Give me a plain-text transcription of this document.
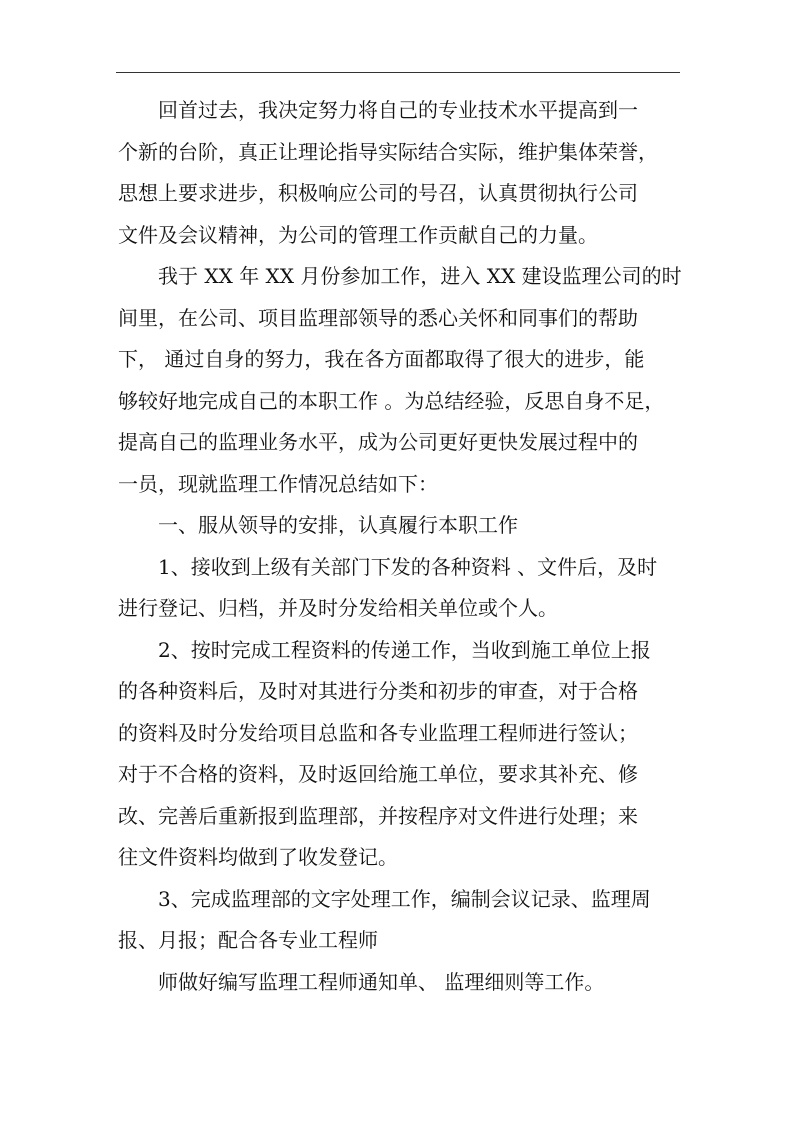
回首过去，我决定努力将自己的专业技术水平提高到一
个新的台阶，真正让理论指导实际结合实际，维护集体荣誉，
思想上要求进步，积极响应公司的号召，认真贯彻执行公司
文件及会议精神，为公司的管理工作贡献自己的力量。
我于 XX 年 XX 月份参加工作，进入 XX 建设监理公司的时
间里，在公司、项目监理部领导的悉心关怀和同事们的帮助
下， 通过自身的努力，我在各方面都取得了很大的进步，能
够较好地完成自己的本职工作 。为总结经验，反思自身不足，
提高自己的监理业务水平，成为公司更好更快发展过程中的
一员，现就监理工作情况总结如下：
一、服从领导的安排，认真履行本职工作
1、接收到上级有关部门下发的各种资料 、文件后，及时
进行登记、归档，并及时分发给相关单位或个人。
2、按时完成工程资料的传递工作，当收到施工单位上报
的各种资料后，及时对其进行分类和初步的审查，对于合格
的资料及时分发给项目总监和各专业监理工程师进行签认；
对于不合格的资料，及时返回给施工单位，要求其补充、修
改、完善后重新报到监理部，并按程序对文件进行处理；来
往文件资料均做到了收发登记。
3、完成监理部的文字处理工作，编制会议记录、监理周
报、月报；配合各专业工程师
师做好编写监理工程师通知单、 监理细则等工作。
